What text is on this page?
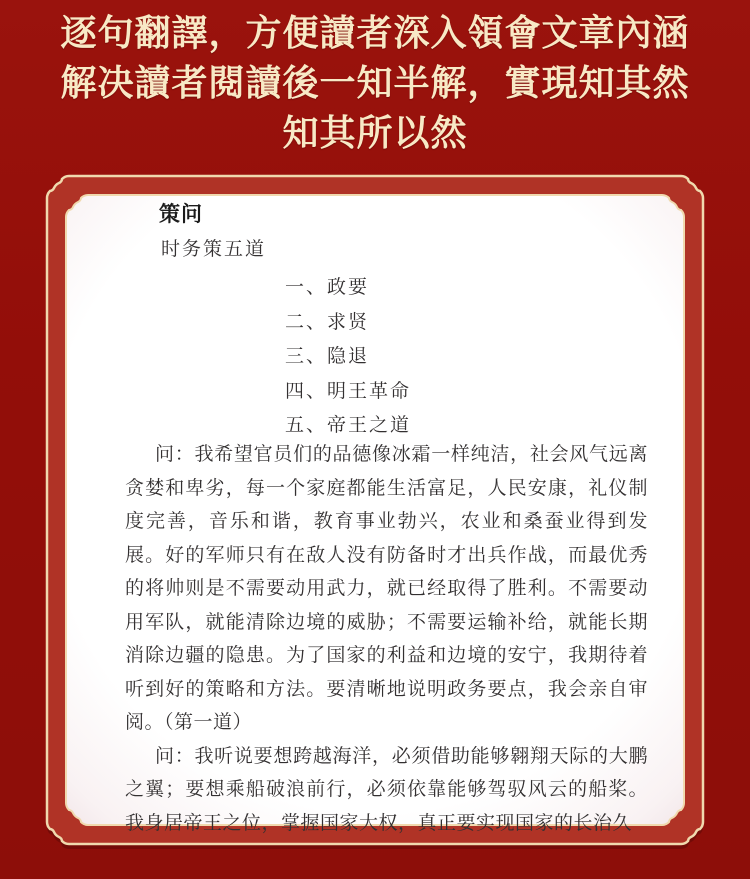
逐句翻譯，方便讀者深入領會文章內涵
解决讀者閱讀後一知半解，實現知其然
知其所以然
策问
时务策五道
一、政要
二、求贤
三、隐退
四、明王革命
五、帝王之道

问：我希望官员们的品德像冰霜一样纯洁，社会风气远离贪婪和卑劣，每一个家庭都能生活富足，人民安康，礼仪制度完善，音乐和谐，教育事业勃兴，农业和桑蚕业得到发展。好的军师只有在敌人没有防备时才出兵作战，而最优秀的将帅则是不需要动用武力，就已经取得了胜利。不需要动用军队，就能清除边境的威胁；不需要运输补给，就能长期消除边疆的隐患。为了国家的利益和边境的安宁，我期待着听到好的策略和方法。要清晰地说明政务要点，我会亲自审阅。（第一道）

问：我听说要想跨越海洋，必须借助能够翱翔天际的大鹏之翼；要想乘船破浪前行，必须依靠能够驾驭风云的船桨。我身居帝王之位，掌握国家大权，真正要实现国家的长治久
